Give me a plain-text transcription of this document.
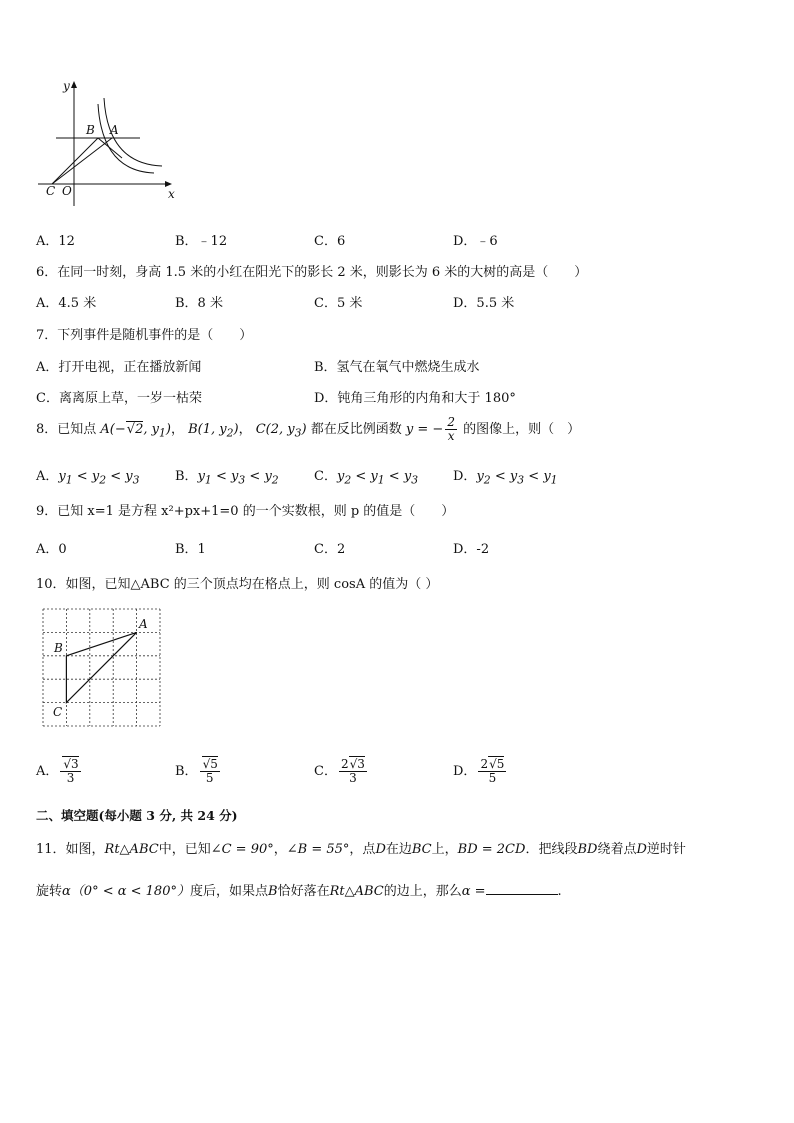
y
x
B A
C O
A．12	B．﹣12	C．6	D．﹣6
6．在同一时刻，身高 1.5 米的小红在阳光下的影长 2 米，则影长为 6 米的大树的高是（　　）
A．4.5 米	B．8 米	C．5 米	D．5.5 米
7．下列事件是随机事件的是（　　）
A．打开电视，正在播放新闻	B．氢气在氧气中燃烧生成水
C．离离原上草，一岁一枯荣	D．钝角三角形的内角和大于 180°
8．已知点 A(−√2, $y_1$)， B(1, $y_2$)， C(2, $y_3$) 都在反比例函数 y = − $\frac{2}{x}$ 的图像上，则（　）
A．$y_1 < y_2 < y_3$	B．$y_1 < y_3 < y_2$	C．$y_2 < y_1 < y_3$	D．$y_2 < y_3 < y_1$
9．已知 x=1 是方程 x²+px+1=0 的一个实数根，则 p 的值是（　　）
A．0	B．1	C．2	D．-2
10．如图，已知△ABC 的三个顶点均在格点上，则 cosA 的值为（ ）
A
B
C
A． $\frac{√3}{3}$	B． $\frac{√5}{5}$	C． $\frac{2√3}{3}$	D． $\frac{2√5}{5}$
二、填空题(每小题 3 分, 共 24 分)
11．如图，Rt△ABC中，已知∠C = 90°，∠B = 55°，点D在边BC上，BD = 2CD．把线段BD绕着点D逆时针
旋转α（0° < α < 180°）度后，如果点B恰好落在Rt△ABC的边上，那么α =	.
